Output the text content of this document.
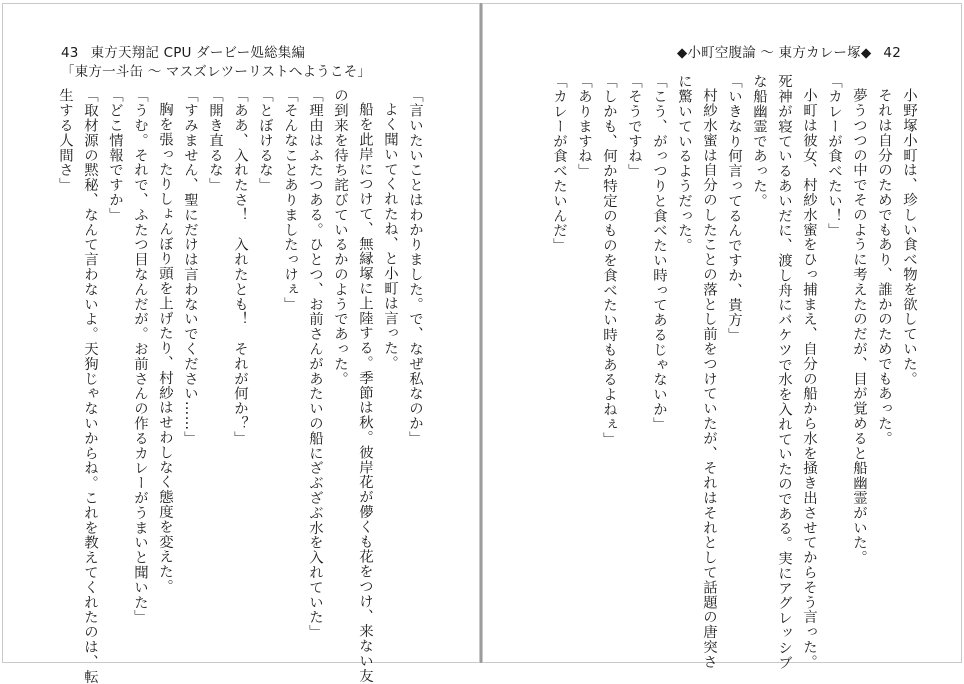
43 東方天翔記 CPU ダービー処総集編
「東方一斗缶 〜 マスズレツーリストへようこそ」
「言いたいことはわかりました。で、なぜ私なのか」
よく聞いてくれたね、と小町は言った。
船を此岸につけて、無縁塚に上陸する。季節は秋。彼岸花が儚くも花をつけ、来ない友
の到来を待ち詫びているかのようであった。
「理由はふたつある。ひとつ、お前さんがあたいの船にざぶざぶ水を入れていた」
「そんなことありましたっけぇ」
「とぼけるな」
「ああ、入れたさ！　入れたとも！　それが何か？」
「開き直るな」
「すみません、聖にだけは言わないでください……」
胸を張ったりしょんぼり頭を上げたり、村紗はせわしなく態度を変えた。
「うむ。それで、ふたつ目なんだが。お前さんの作るカレーがうまいと聞いた」
「どこ情報ですか」
「取材源の黙秘、なんて言わないよ。天狗じゃないからね。これを教えてくれたのは、転
生する人間さ」
◆小町空腹論 〜 東方カレー塚◆ 42
小野塚小町は、珍しい食べ物を欲していた。
それは自分のためでもあり、誰かのためでもあった。
夢うつつの中でそのように考えたのだが、目が覚めると船幽霊がいた。
「カレーが食べたい！」
小町は彼女、村紗水蜜をひっ捕まえ、自分の船から水を掻き出させてからそう言った。
死神が寝ているあいだに、渡し舟にバケツで水を入れていたのである。実にアグレッシブ
な船幽霊であった。
「いきなり何言ってるんですか、貴方」
村紗水蜜は自分のしたことの落とし前をつけていたが、それはそれとして話題の唐突さ
に驚いているようだった。
「こう、がっつりと食べたい時ってあるじゃないか」
「そうですね」
「しかも、何か特定のものを食べたい時もあるよねぇ」
「ありますね」
「カレーが食べたいんだ」
